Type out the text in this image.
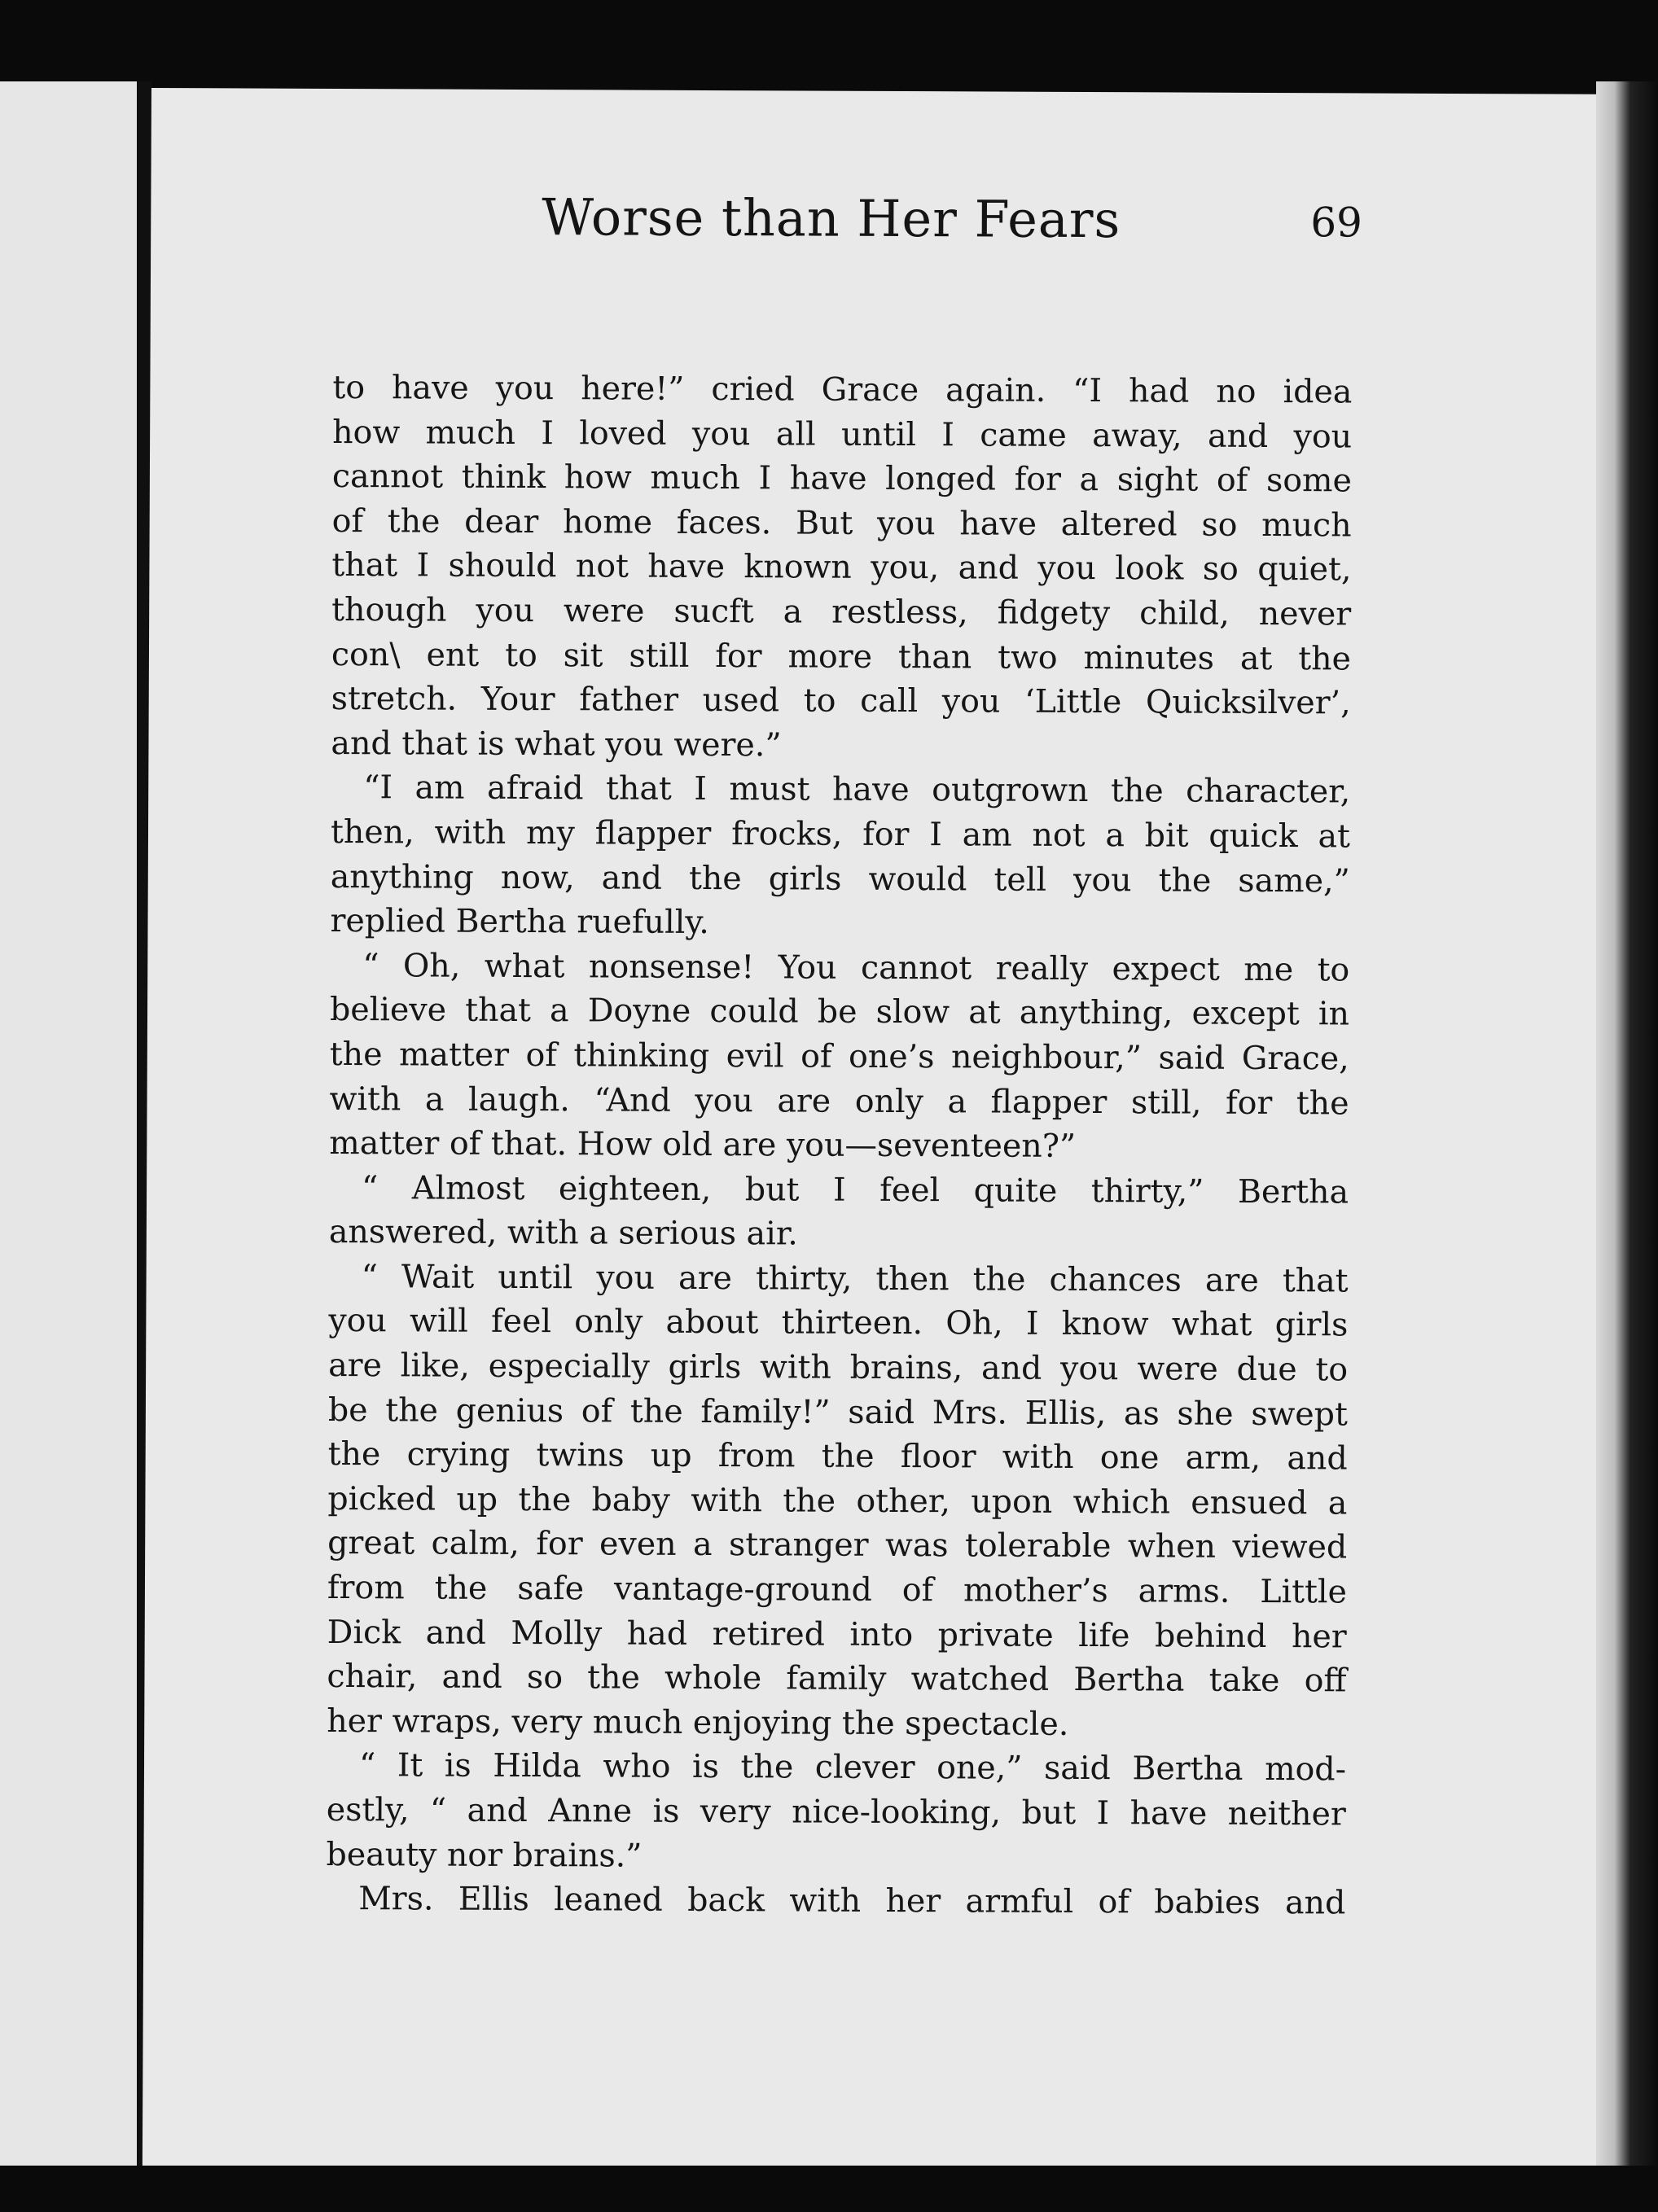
Worse than Her Fears	69
to have you here!” cried Grace again. “I had no idea
how much I loved you all until I came away, and you
cannot think how much I have longed for a sight of some
of the dear home faces. But you have altered so much
that I should not have known you, and you look so quiet,
though you were sucft a restless, fidgety child, never
con\ ent to sit still for more than two minutes at the
stretch. Your father used to call you ‘Little Quicksilver’,
and that is what you were.”
“I am afraid that I must have outgrown the character,
then, with my flapper frocks, for I am not a bit quick at
anything now, and the girls would tell you the same,”
replied Bertha ruefully.
“ Oh, what nonsense! You cannot really expect me to
believe that a Doyne could be slow at anything, except in
the matter of thinking evil of one’s neighbour,” said Grace,
with a laugh. “And you are only a flapper still, for the
matter of that. How old are you—seventeen?”
“ Almost eighteen, but I feel quite thirty,” Bertha
answered, with a serious air.
“ Wait until you are thirty, then the chances are that
you will feel only about thirteen. Oh, I know what girls
are like, especially girls with brains, and you were due to
be the genius of the family!” said Mrs. Ellis, as she swept
the crying twins up from the floor with one arm, and
picked up the baby with the other, upon which ensued a
great calm, for even a stranger was tolerable when viewed
from the safe vantage-ground of mother’s arms. Little
Dick and Molly had retired into private life behind her
chair, and so the whole family watched Bertha take off
her wraps, very much enjoying the spectacle.
“ It is Hilda who is the clever one,” said Bertha mod-
estly, “ and Anne is very nice-looking, but I have neither
beauty nor brains.”
Mrs. Ellis leaned back with her armful of babies and
